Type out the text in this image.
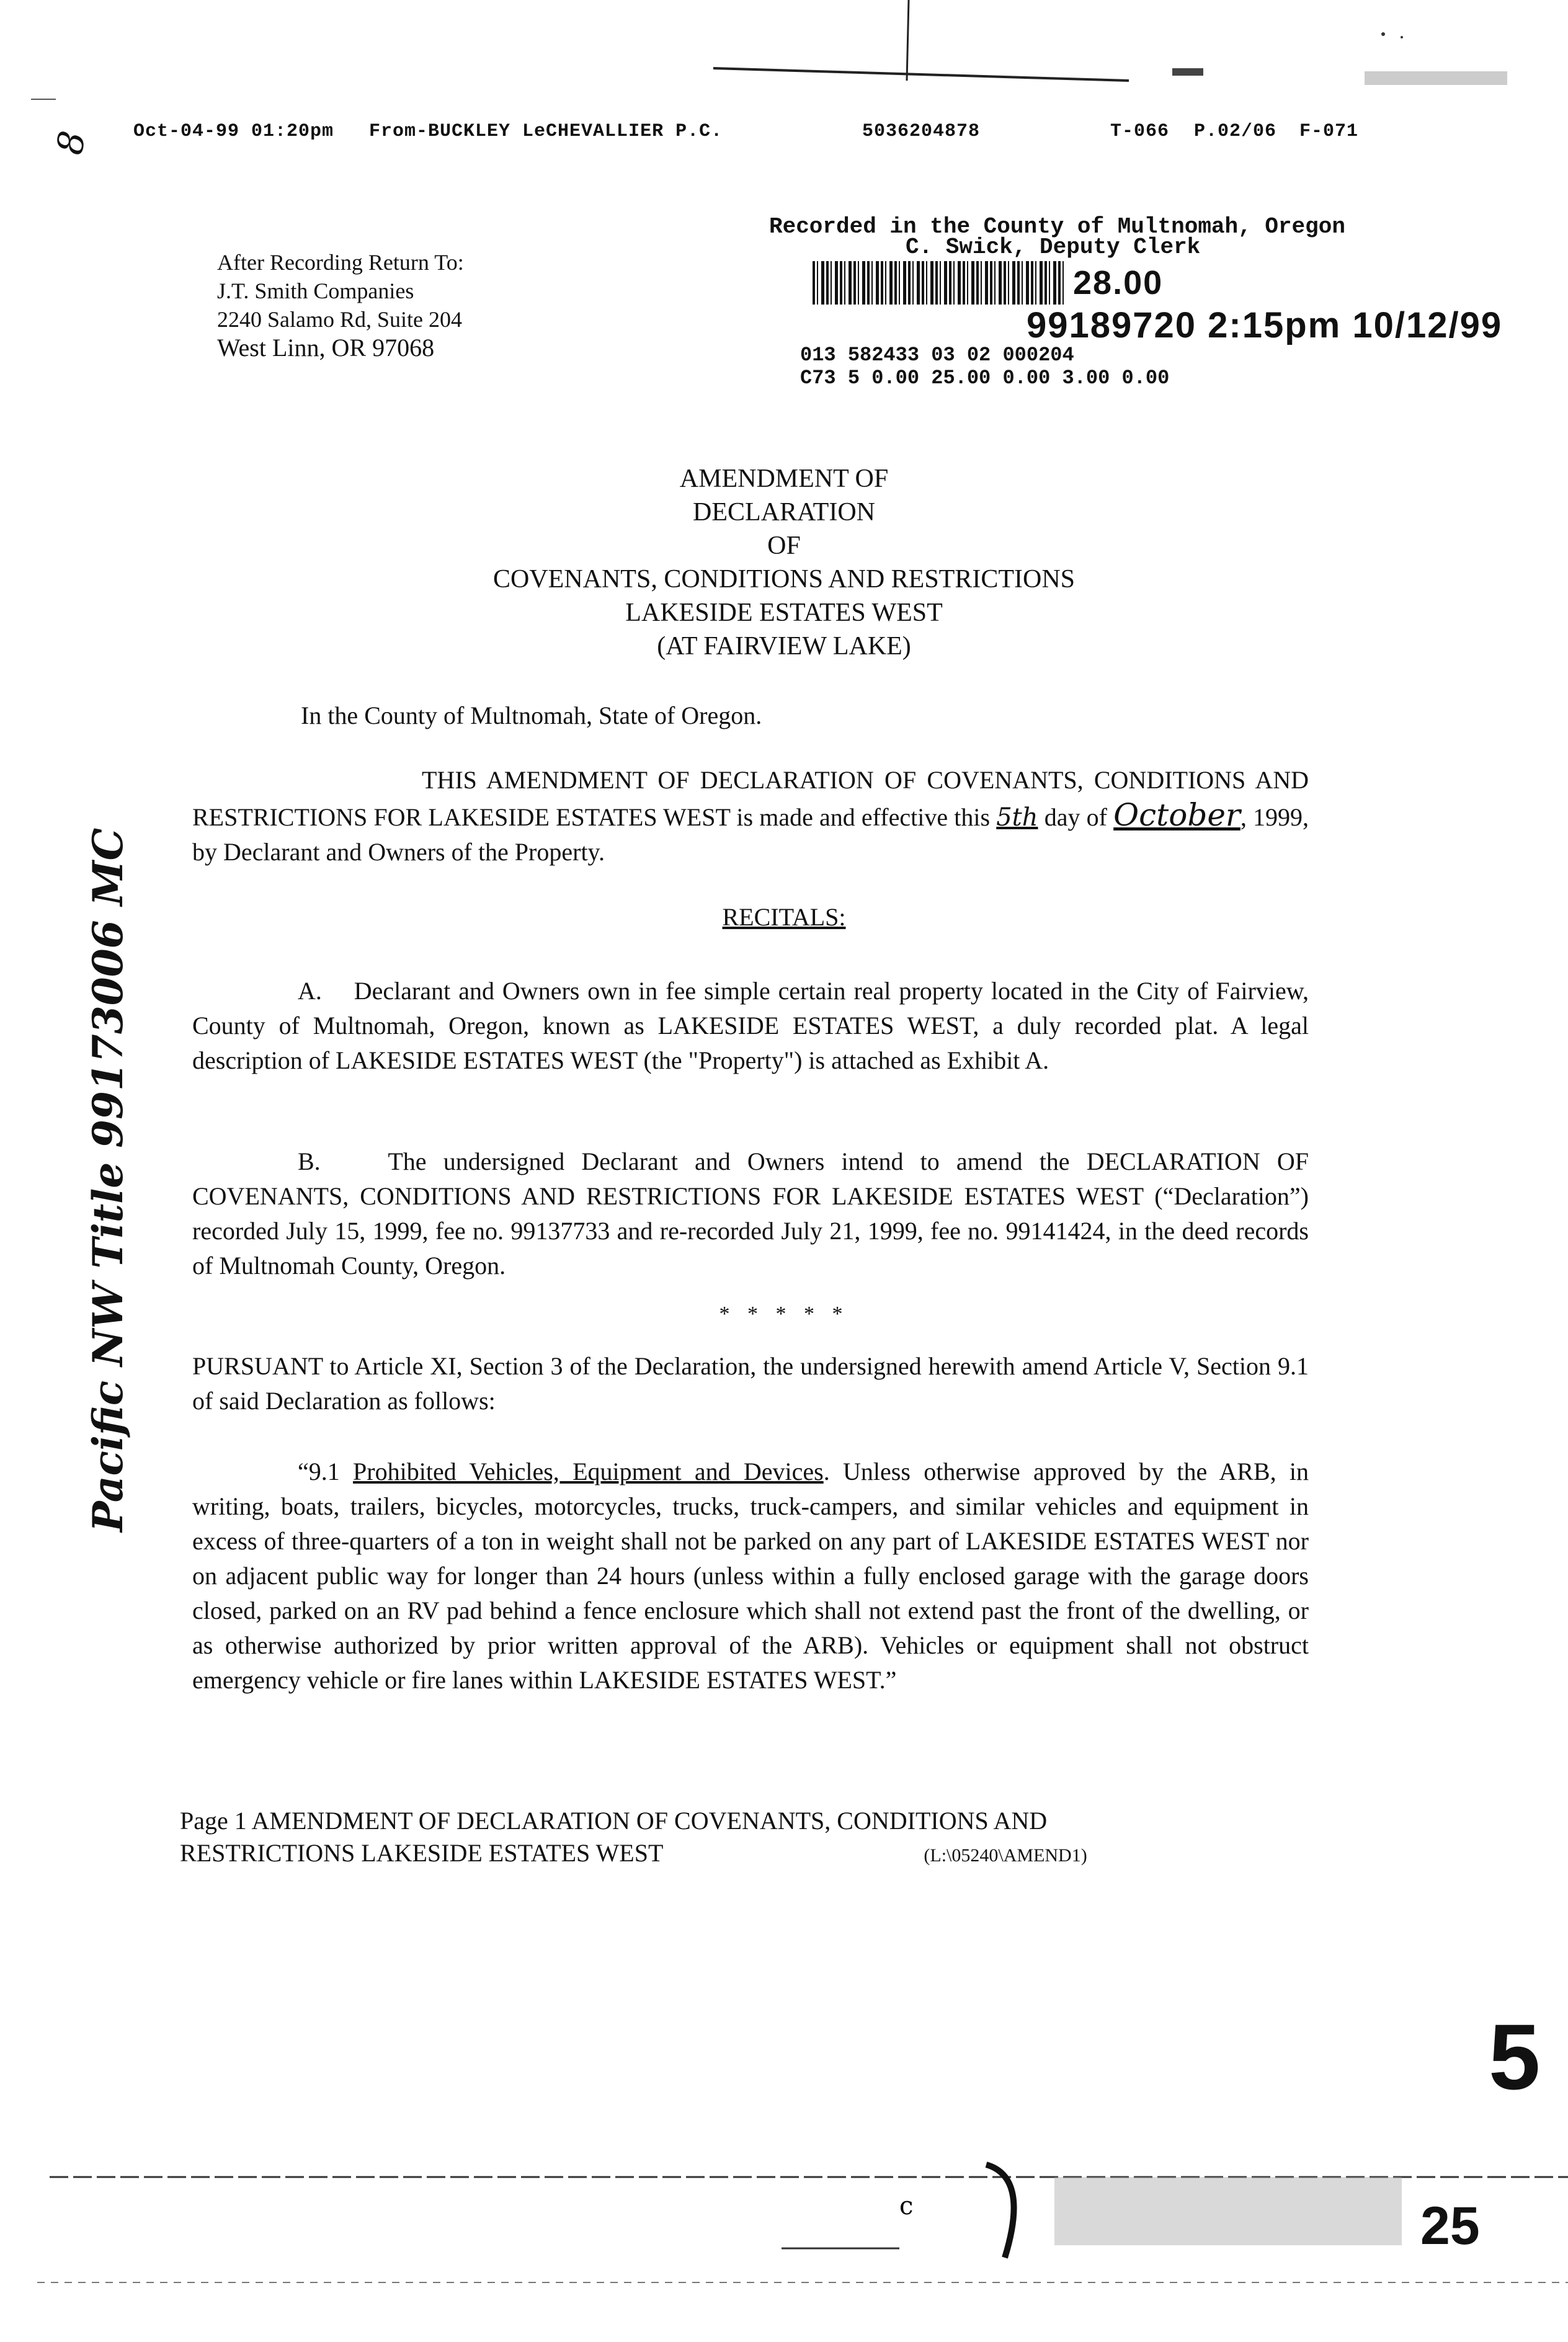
8	Oct-04-99 01:20pm From-BUCKLEY LeCHEVALLIER P.C.	5036204878	T-066 P.02/06 F-071
After Recording Return To:
J.T. Smith Companies
2240 Salamo Rd, Suite 204
West Linn, OR 97068
Recorded in the County of Multnomah, Oregon
C. Swick, Deputy Clerk
28.00
99189720 2:15pm 10/12/99
013 582433 03 02 000204
C73 5 0.00 25.00 0.00 3.00 0.00
AMENDMENT OF
DECLARATION
OF
COVENANTS, CONDITIONS AND RESTRICTIONS
LAKESIDE ESTATES WEST
(AT FAIRVIEW LAKE)
In the County of Multnomah, State of Oregon.

THIS AMENDMENT OF DECLARATION OF COVENANTS, CONDITIONS AND RESTRICTIONS FOR LAKESIDE ESTATES WEST is made and effective this 5th day of October, 1999, by Declarant and Owners of the Property.

RECITALS:

A.    Declarant and Owners own in fee simple certain real property located in the City of Fairview, County of Multnomah, Oregon, known as LAKESIDE ESTATES WEST, a duly recorded plat. A legal description of LAKESIDE ESTATES WEST (the "Property") is attached as Exhibit A.

B.    The undersigned Declarant and Owners intend to amend the DECLARATION OF COVENANTS, CONDITIONS AND RESTRICTIONS FOR LAKESIDE ESTATES WEST (“Declaration”) recorded July 15, 1999, fee no. 99137733 and re-recorded July 21, 1999, fee no. 99141424, in the deed records of Multnomah County, Oregon.

* * * * *

PURSUANT to Article XI, Section 3 of the Declaration, the undersigned herewith amend Article V, Section 9.1 of said Declaration as follows:

“9.1 Prohibited Vehicles, Equipment and Devices. Unless otherwise approved by the ARB, in writing, boats, trailers, bicycles, motorcycles, trucks, truck-campers, and similar vehicles and equipment in excess of three-quarters of a ton in weight shall not be parked on any part of LAKESIDE ESTATES WEST nor on adjacent public way for longer than 24 hours (unless within a fully enclosed garage with the garage doors closed, parked on an RV pad behind a fence enclosure which shall not extend past the front of the dwelling, or as otherwise authorized by prior written approval of the ARB). Vehicles or equipment shall not obstruct emergency vehicle or fire lanes within LAKESIDE ESTATES WEST.”

Page 1 AMENDMENT OF DECLARATION OF COVENANTS, CONDITIONS AND
RESTRICTIONS LAKESIDE ESTATES WEST	(L:\05240\AMEND1)
Pacific NW Title 99173006 MC
5
c	25
